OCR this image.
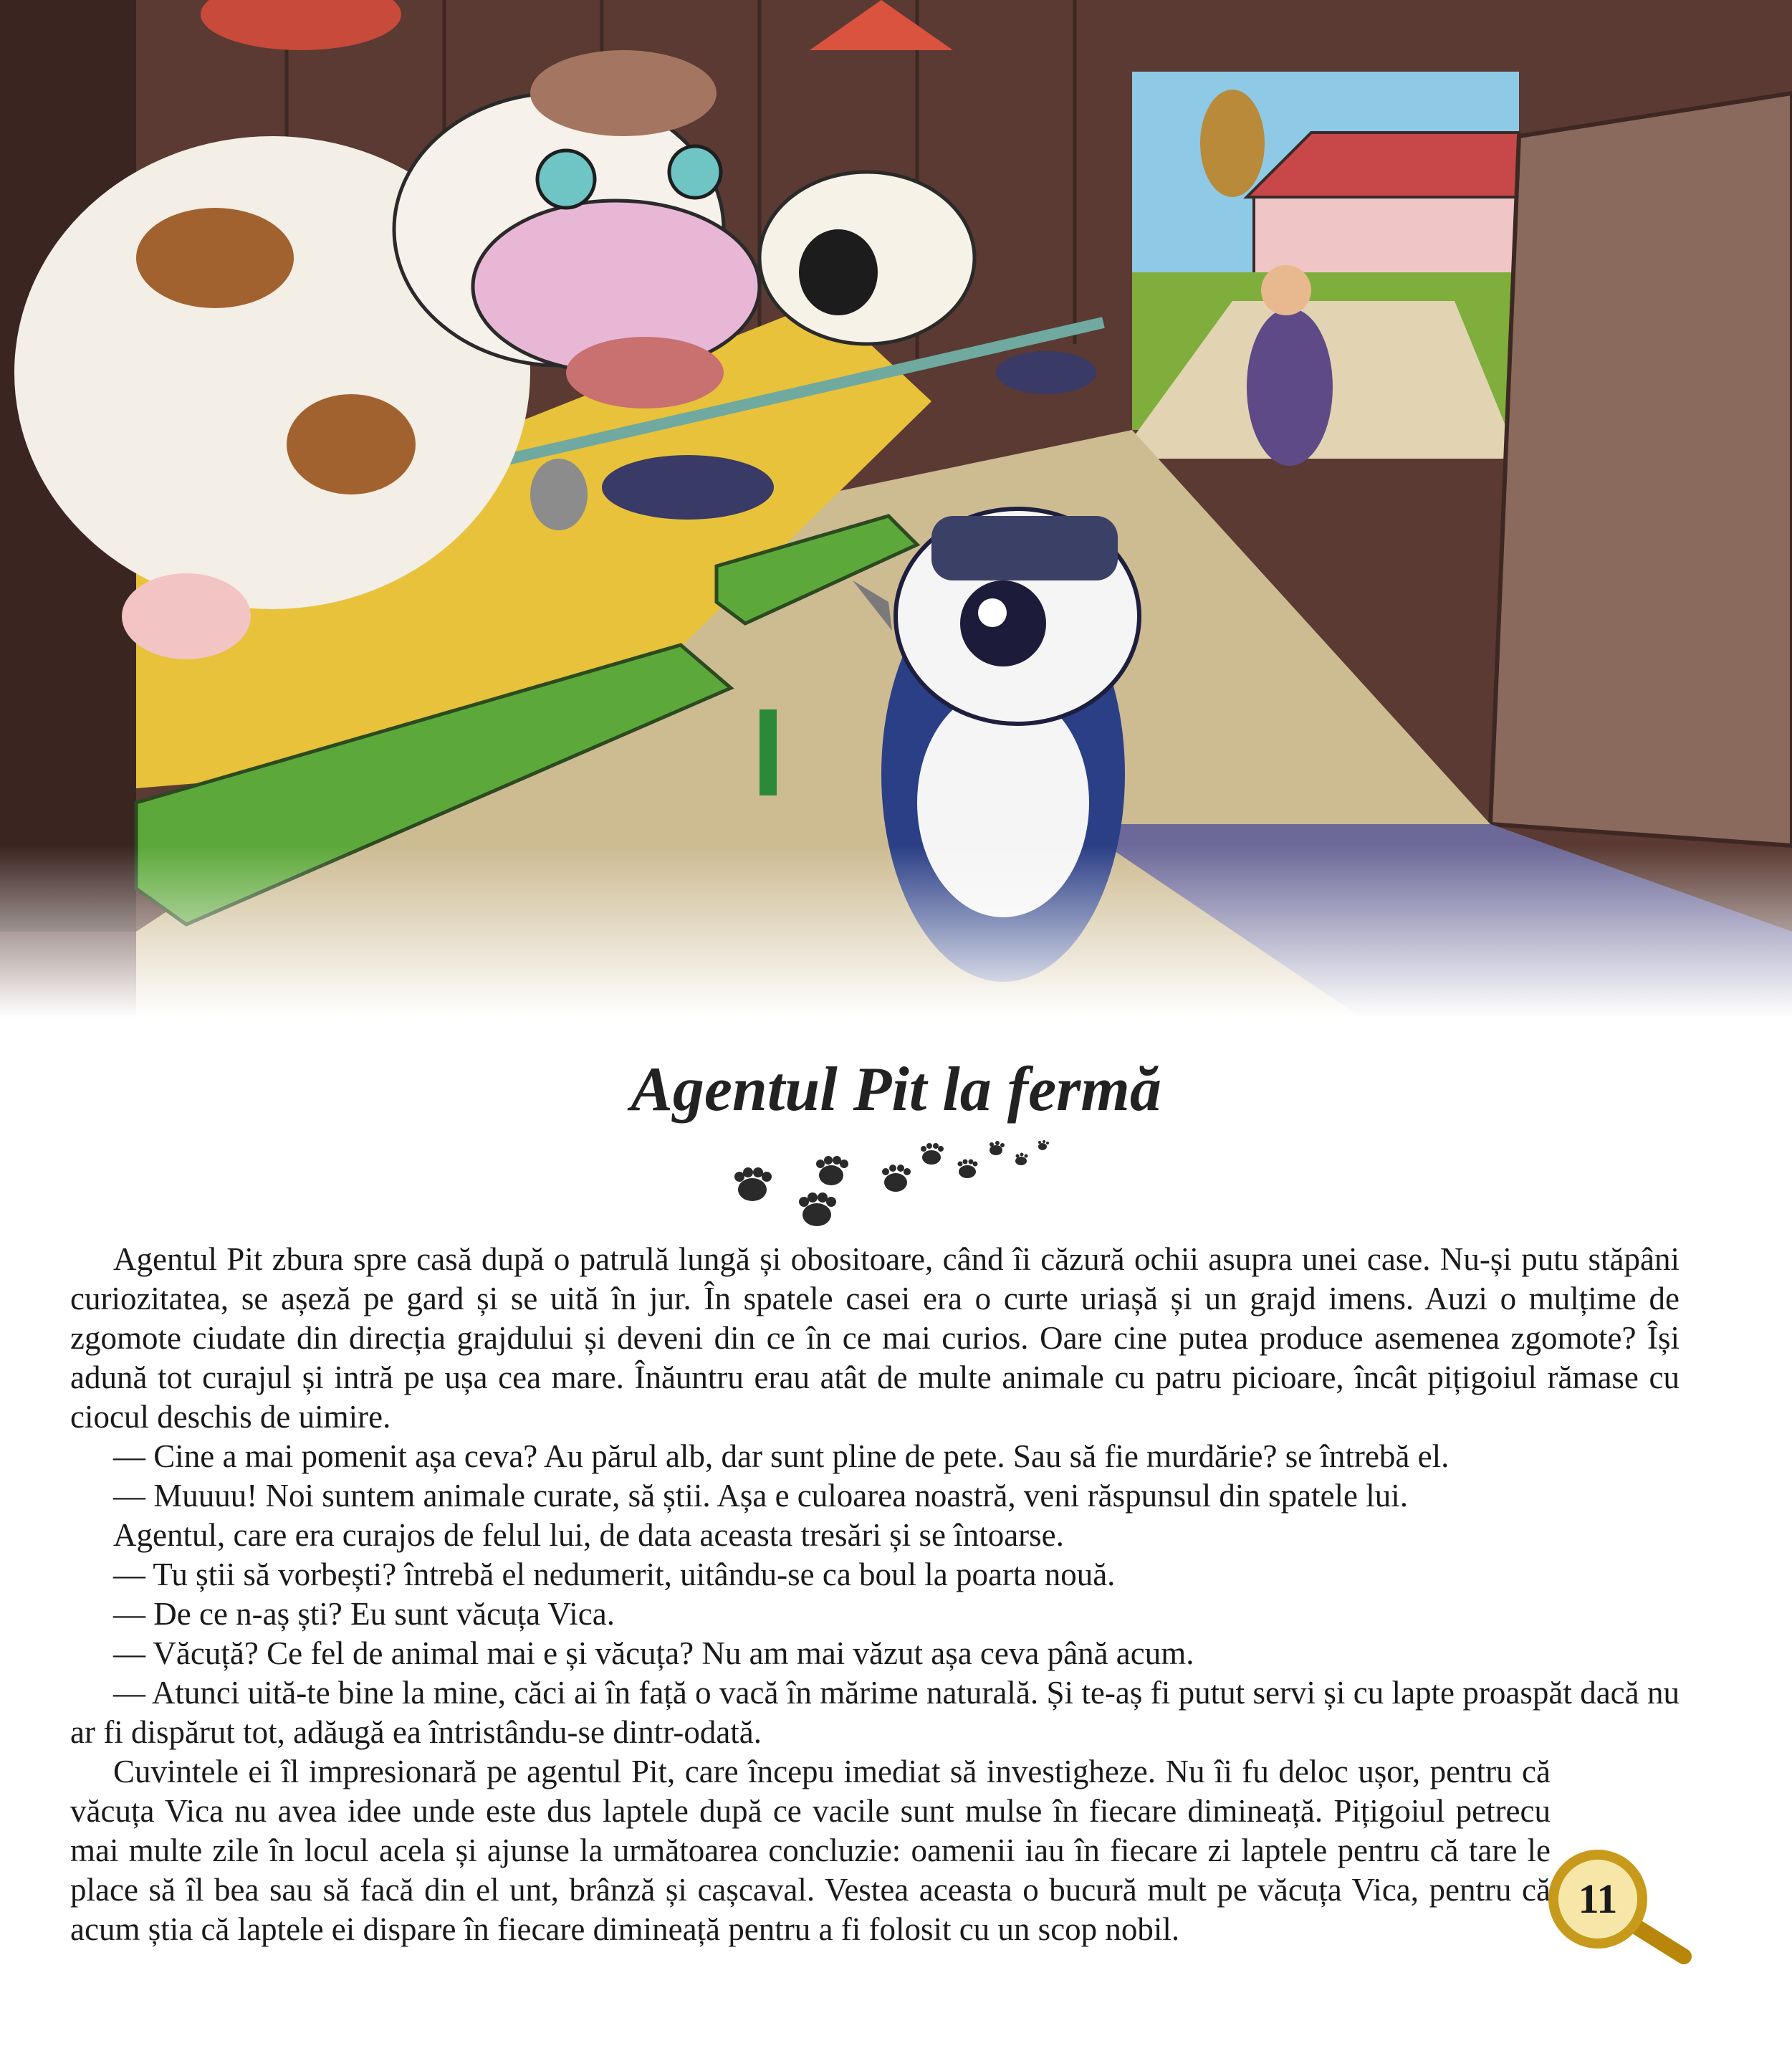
Agentul Pit la fermă

Agentul Pit zbura spre casă după o patrulă lungă și obositoare, când îi căzură ochii asupra unei case. Nu-și putu stăpâni curiozitatea, se așeză pe gard și se uită în jur. În spatele casei era o curte uriașă și un grajd imens. Auzi o mulțime de zgomote ciudate din direcția grajdului și deveni din ce în ce mai curios. Oare cine putea produce asemenea zgomote? Își adună tot curajul și intră pe ușa cea mare. Înăuntru erau atât de multe animale cu patru picioare, încât pițigoiul rămase cu ciocul deschis de uimire.

— Cine a mai pomenit așa ceva? Au părul alb, dar sunt pline de pete. Sau să fie murdărie? se întrebă el.

— Muuuu! Noi suntem animale curate, să știi. Așa e culoarea noastră, veni răspunsul din spatele lui.

Agentul, care era curajos de felul lui, de data aceasta tresări și se întoarse.

— Tu știi să vorbești? întrebă el nedumerit, uitându-se ca boul la poarta nouă.

— De ce n-aș ști? Eu sunt văcuța Vica.

— Văcuță? Ce fel de animal mai e și văcuța? Nu am mai văzut așa ceva până acum.

— Atunci uită-te bine la mine, căci ai în față o vacă în mărime naturală. Și te-aș fi putut servi și cu lapte proaspăt dacă nu ar fi dispărut tot, adăugă ea întristându-se dintr-odată.

Cuvintele ei îl impresionară pe agentul Pit, care începu imediat să investigheze. Nu îi fu deloc ușor, pentru că văcuța Vica nu avea idee unde este dus laptele după ce vacile sunt mulse în fiecare dimineață. Pițigoiul petrecu mai multe zile în locul acela și ajunse la următoarea concluzie: oamenii iau în fiecare zi laptele pentru că tare le place să îl bea sau să facă din el unt, brânză și cașcaval. Vestea aceasta o bucură mult pe văcuța Vica, pentru că acum știa că laptele ei dispare în fiecare dimineață pentru a fi folosit cu un scop nobil.

11
